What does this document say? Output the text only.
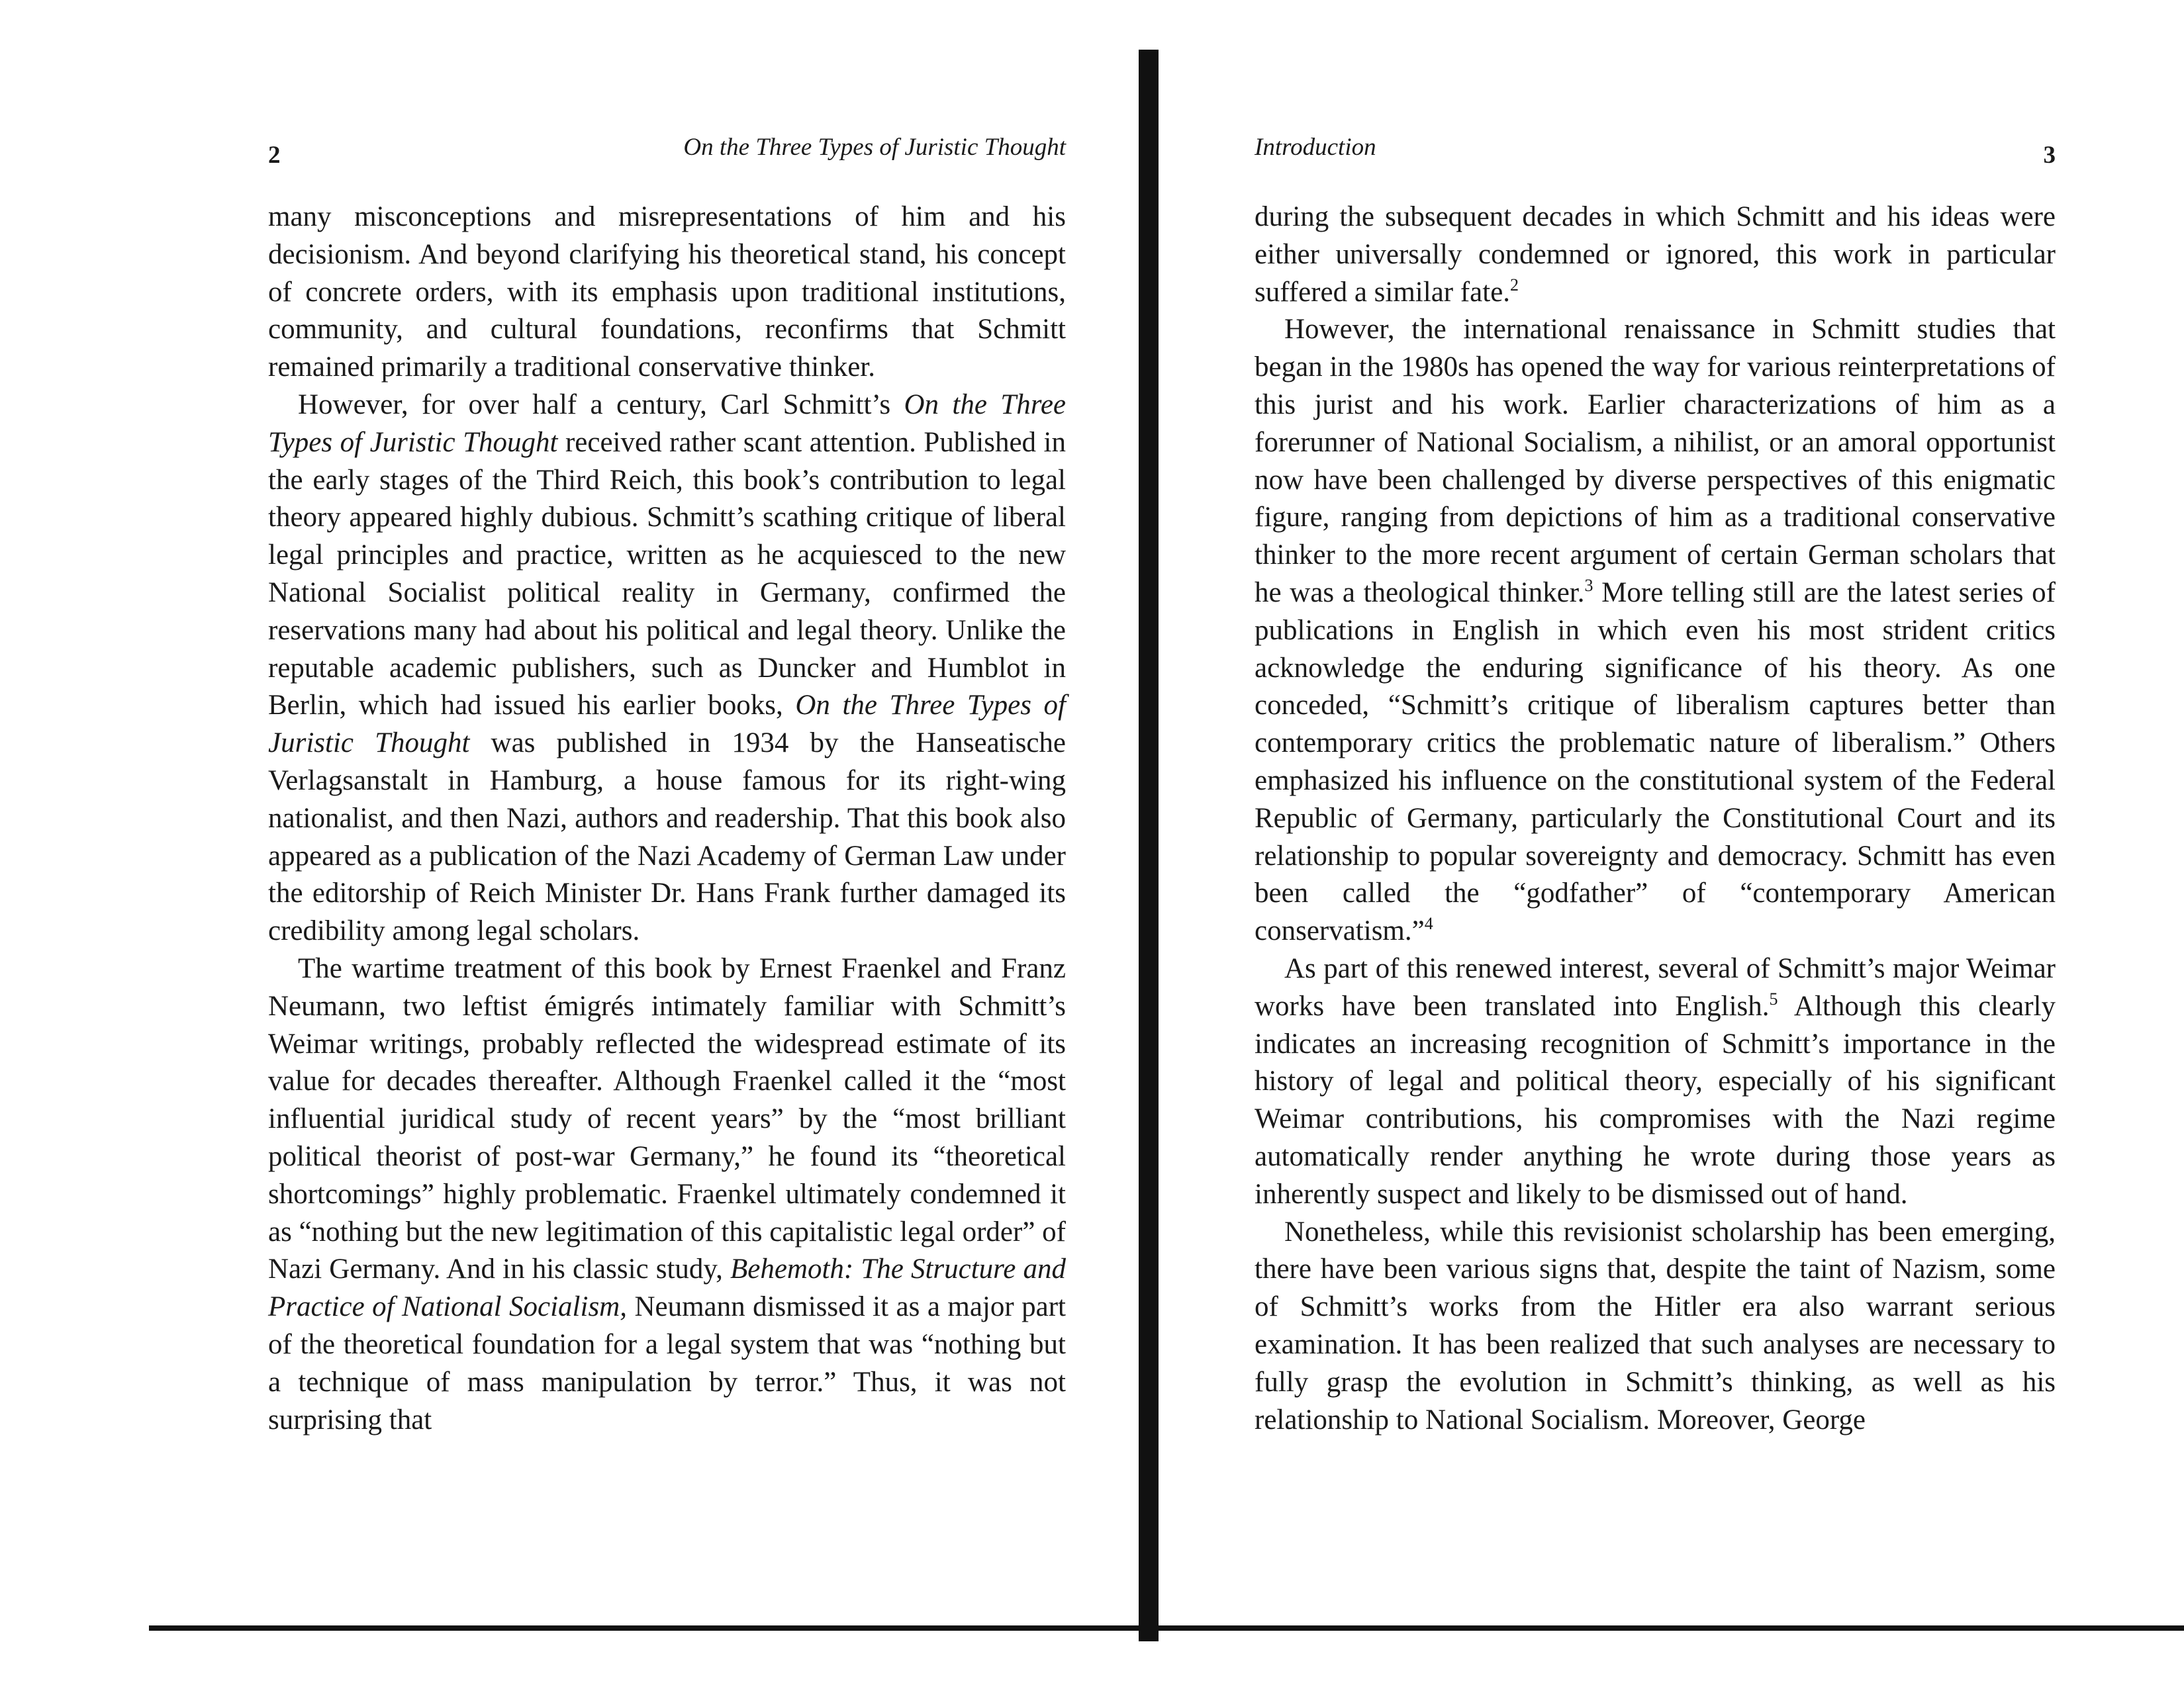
2	On the Three Types of Juristic Thought

many misconceptions and misrepresentations of him and his decisionism. And beyond clarifying his theoretical stand, his concept of concrete orders, with its emphasis upon traditional institutions, community, and cultural foundations, reconfirms that Schmitt remained primarily a traditional conservative thinker.

However, for over half a century, Carl Schmitt’s On the Three Types of Juristic Thought received rather scant attention. Published in the early stages of the Third Reich, this book’s contribution to legal theory appeared highly dubious. Schmitt’s scathing critique of liberal legal principles and practice, written as he acquiesced to the new National Socialist political reality in Germany, confirmed the reservations many had about his political and legal theory. Unlike the reputable academic publishers, such as Duncker and Humblot in Berlin, which had issued his earlier books, On the Three Types of Juristic Thought was published in 1934 by the Hanseatische Verlagsanstalt in Hamburg, a house famous for its right-wing nationalist, and then Nazi, authors and readership. That this book also appeared as a publication of the Nazi Academy of German Law under the editorship of Reich Minister Dr. Hans Frank further damaged its credibility among legal scholars.

The wartime treatment of this book by Ernest Fraenkel and Franz Neumann, two leftist émigrés intimately familiar with Schmitt’s Weimar writings, probably reflected the widespread estimate of its value for decades thereafter. Although Fraenkel called it the “most influential juridical study of recent years” by the “most brilliant political theorist of post-war Germany,” he found its “theoretical shortcomings” highly problematic. Fraenkel ultimately condemned it as “nothing but the new legitimation of this capitalistic legal order” of Nazi Germany. And in his classic study, Behemoth: The Structure and Practice of National Socialism, Neumann dismissed it as a major part of the theoretical foundation for a legal system that was “nothing but a technique of mass manipulation by terror.” Thus, it was not surprising that

Introduction	3

during the subsequent decades in which Schmitt and his ideas were either universally condemned or ignored, this work in particular suffered a similar fate.$^2$

However, the international renaissance in Schmitt studies that began in the 1980s has opened the way for various reinterpretations of this jurist and his work. Earlier characterizations of him as a forerunner of National Socialism, a nihilist, or an amoral opportunist now have been challenged by diverse perspectives of this enigmatic figure, ranging from depictions of him as a traditional conservative thinker to the more recent argument of certain German scholars that he was a theological thinker.$^3$ More telling still are the latest series of publications in English in which even his most strident critics acknowledge the enduring significance of his theory. As one conceded, “Schmitt’s critique of liberalism captures better than contemporary critics the problematic nature of liberalism.” Others emphasized his influence on the constitutional system of the Federal Republic of Germany, particularly the Constitutional Court and its relationship to popular sovereignty and democracy. Schmitt has even been called the “godfather” of “contemporary American conservatism.”$^4$

As part of this renewed interest, several of Schmitt’s major Weimar works have been translated into English.$^5$ Although this clearly indicates an increasing recognition of Schmitt’s importance in the history of legal and political theory, especially of his significant Weimar contributions, his compromises with the Nazi regime automatically render anything he wrote during those years as inherently suspect and likely to be dismissed out of hand.

Nonetheless, while this revisionist scholarship has been emerging, there have been various signs that, despite the taint of Nazism, some of Schmitt’s works from the Hitler era also warrant serious examination. It has been realized that such analyses are necessary to fully grasp the evolution in Schmitt’s thinking, as well as his relationship to National Socialism. Moreover, George
